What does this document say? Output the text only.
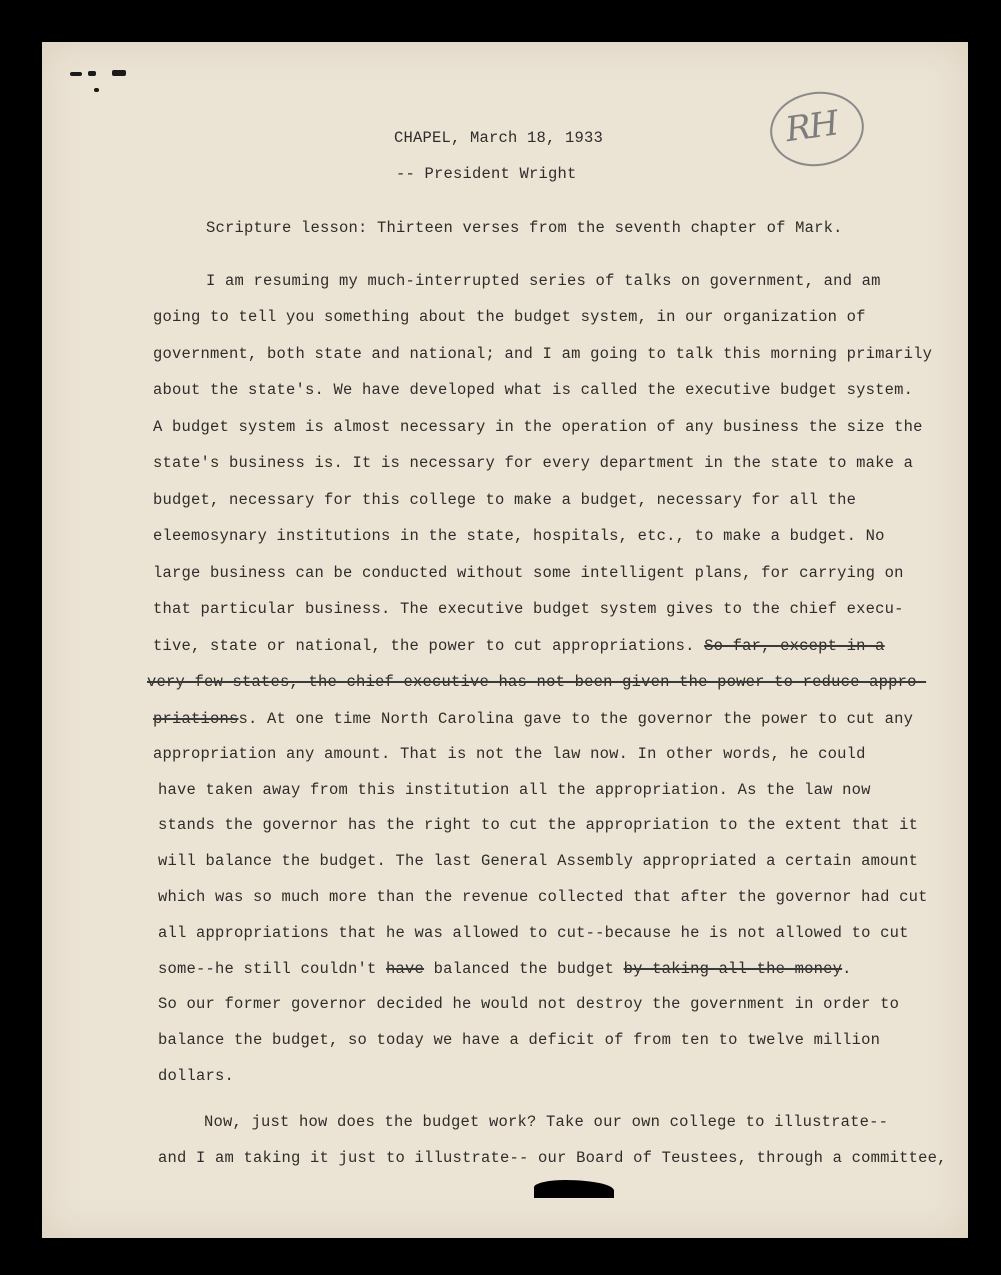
RH
CHAPEL, March 18, 1933
-- President Wright
Scripture lesson: Thirteen verses from the seventh chapter of Mark.
I am resuming my much-interrupted series of talks on government, and am
going to tell you something about the budget system, in our organization of
government, both state and national; and I am going to talk this morning primarily
about the state's. We have developed what is called the executive budget system.
A budget system is almost necessary in the operation of any business the size the
state's business is. It is necessary for every department in the state to make a
budget, necessary for this college to make a budget, necessary for all the
eleemosynary institutions in the state, hospitals, etc., to make a budget. No
large business can be conducted without some intelligent plans, for carrying on
that particular business. The executive budget system gives to the chief execu-
tive, state or national, the power to cut appropriations. So far, except in a
very few states, the chief executive has not been given the power to reduce appro-
priationss. At one time North Carolina gave to the governor the power to cut any
appropriation any amount. That is not the law now. In other words, he could
have taken away from this institution all the appropriation. As the law now
stands the governor has the right to cut the appropriation to the extent that it
will balance the budget. The last General Assembly appropriated a certain amount
which was so much more than the revenue collected that after the governor had cut
all appropriations that he was allowed to cut--because he is not allowed to cut
some--he still couldn't have balanced the budget by taking all the money.
So our former governor decided he would not destroy the government in order to
balance the budget, so today we have a deficit of from ten to twelve million
dollars.
Now, just how does the budget work? Take our own college to illustrate--
and I am taking it just to illustrate-- our Board of Teustees, through a committee,
